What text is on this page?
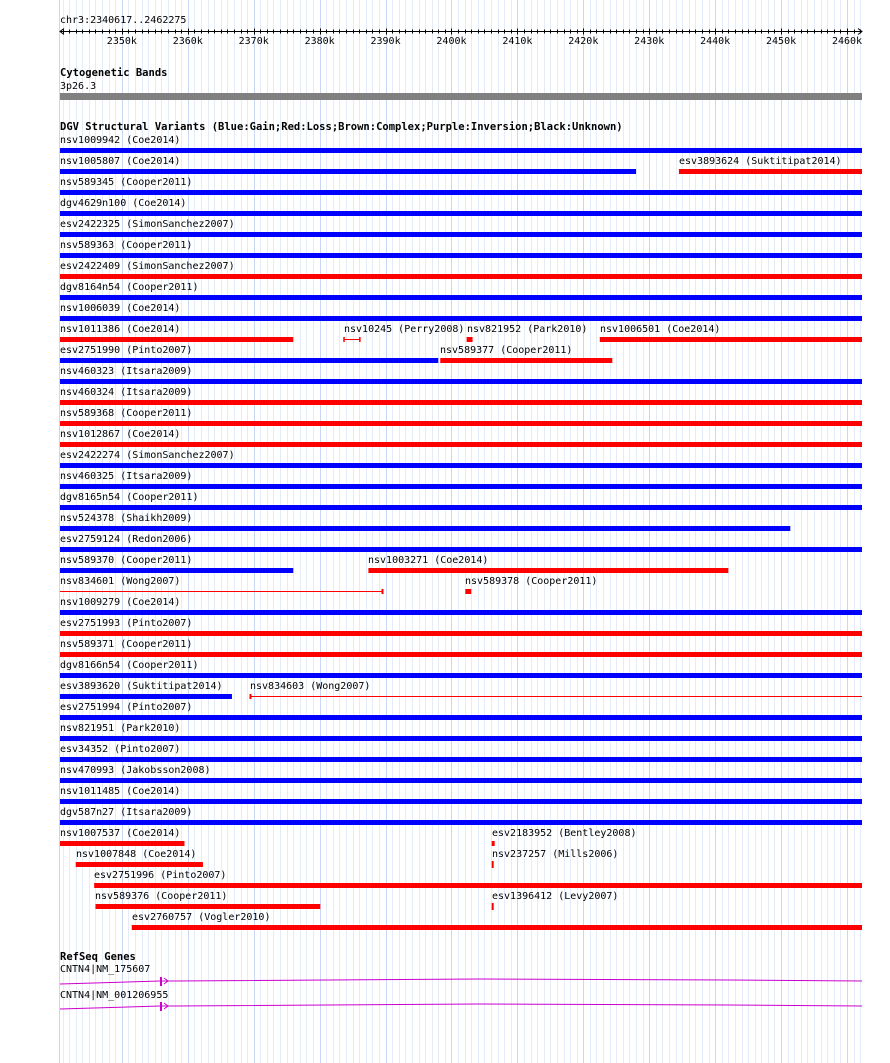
chr3:2340617..2462275
Cytogenetic Bands
3p26.3
DGV Structural Variants (Blue:Gain;Red:Loss;Brown:Complex;Purple:Inversion;Black:Unknown)
nsv1009942 (Coe2014)
nsv1005807 (Coe2014)	esv3893624 (Suktitipat2014)
nsv589345 (Cooper2011)
dgv4629n100 (Coe2014)
esv2422325 (SimonSanchez2007)
nsv589363 (Cooper2011)
esv2422409 (SimonSanchez2007)
dgv8164n54 (Cooper2011)
nsv1006039 (Coe2014)
nsv1011386 (Coe2014)	nsv10245 (Perry2008) nsv821952 (Park2010) nsv1006501 (Coe2014)
esv2751990 (Pinto2007)	nsv589377 (Cooper2011)
nsv460323 (Itsara2009)
nsv460324 (Itsara2009)
nsv589368 (Cooper2011)
nsv1012867 (Coe2014)
esv2422274 (SimonSanchez2007)
nsv460325 (Itsara2009)
dgv8165n54 (Cooper2011)
nsv524378 (Shaikh2009)
esv2759124 (Redon2006)
nsv589370 (Cooper2011)	nsv1003271 (Coe2014)
nsv834601 (Wong2007)	nsv589378 (Cooper2011)
nsv1009279 (Coe2014)
esv2751993 (Pinto2007)
nsv589371 (Cooper2011)
dgv8166n54 (Cooper2011)
esv3893620 (Suktitipat2014)	nsv834603 (Wong2007)
esv2751994 (Pinto2007)
nsv821951 (Park2010)
esv34352 (Pinto2007)
nsv470993 (Jakobsson2008)
nsv1011485 (Coe2014)
dgv587n27 (Itsara2009)
nsv1007537 (Coe2014)	esv2183952 (Bentley2008)
nsv1007848 (Coe2014)	nsv237257 (Mills2006)
esv2751996 (Pinto2007)
nsv589376 (Cooper2011)	esv1396412 (Levy2007)
esv2760757 (Vogler2010)
RefSeq Genes
CNTN4|NM_175607
CNTN4|NM_001206955
2350k	2360k	2370k	2380k	2390k	2400k	2410k	2420k	2430k	2440k	2450k	2460k
